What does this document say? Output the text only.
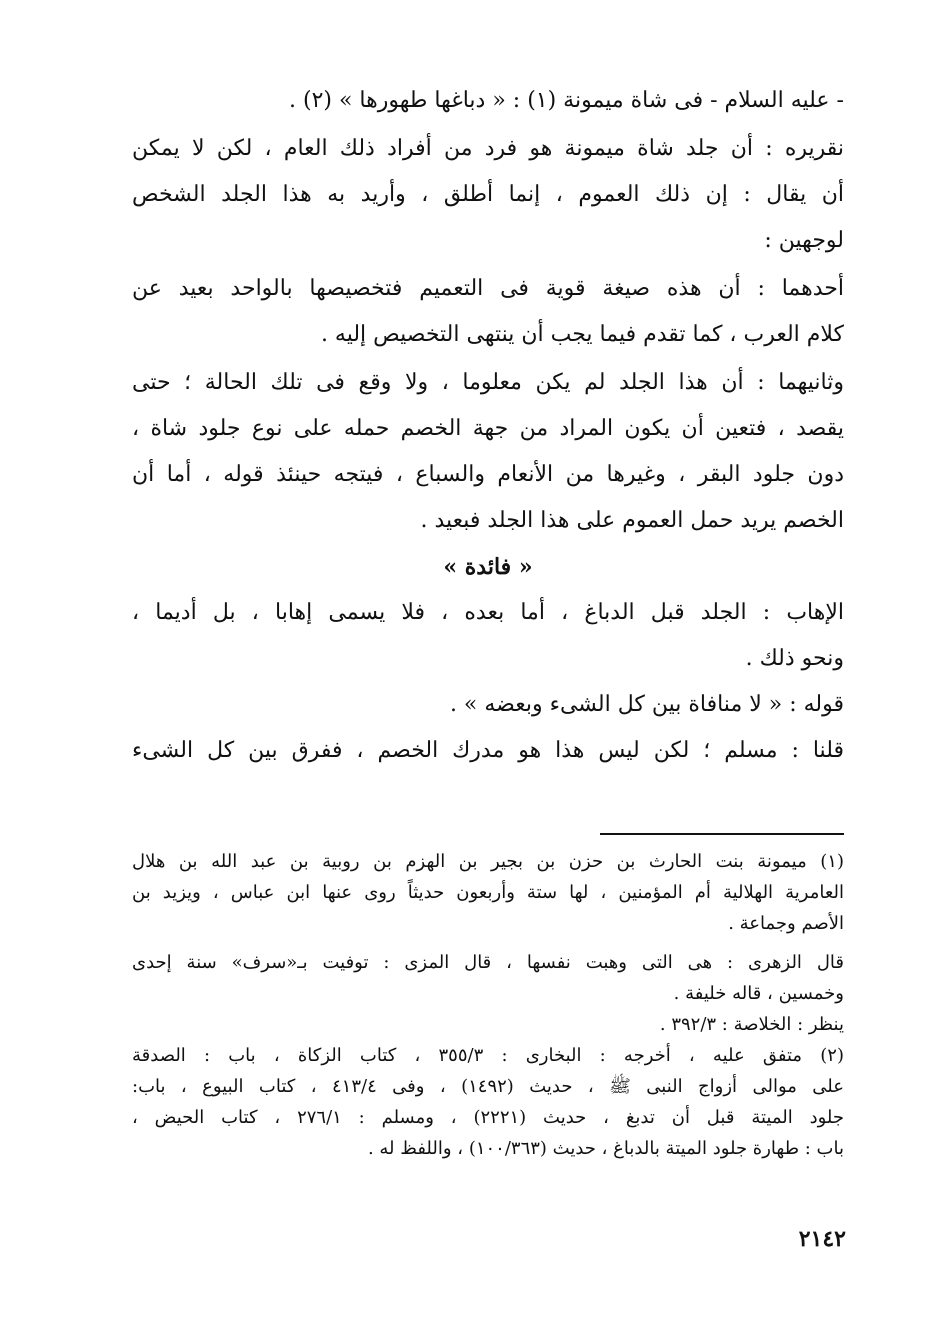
- عليه السلام - فى شاة ميمونة (١) : « دباغها طهورها » (٢) .

نقريره : أن جلد شاة ميمونة هو فرد من أفراد ذلك العام ، لكن لا يمكن

أن يقال : إن ذلك العموم ، إنما أطلق ، وأريد به هذا الجلد الشخص

لوجهين :

أحدهما : أن هذه صيغة قوية فى التعميم فتخصيصها بالواحد بعيد عن

كلام العرب ، كما تقدم فيما يجب أن ينتهى التخصيص إليه .

وثانيهما : أن هذا الجلد لم يكن معلوما ، ولا وقع فى تلك الحالة ؛ حتى

يقصد ، فتعين أن يكون المراد من جهة الخصم حمله على نوع جلود شاة ،

دون جلود البقر ، وغيرها من الأنعام والسباع ، فيتجه حينئذ قوله ، أما أن

الخصم يريد حمل العموم على هذا الجلد فبعيد .

« فائدة »

الإهاب : الجلد قبل الدباغ ، أما بعده ، فلا يسمى إهابا ، بل أديما ،

ونحو ذلك .

قوله : « لا منافاة بين كل الشىء وبعضه » .

قلنا : مسلم ؛ لكن ليس هذا هو مدرك الخصم ، ففرق بين كل الشىء

(١) ميمونة بنت الحارث بن حزن بن بجير بن الهزم بن روبية بن عبد الله بن هلال

العامرية الهلالية أم المؤمنين ، لها ستة وأربعون حديثاً روى عنها ابن عباس ، ويزيد بن

الأصم وجماعة .

قال الزهرى : هى التى وهبت نفسها ، قال المزى : توفيت بـ«سرف» سنة إحدى

وخمسين ، قاله خليفة .

ينظر : الخلاصة : ٣٩٢/٣ .

(٢) متفق عليه ، أخرجه : البخارى : ٣٥٥/٣ ، كتاب الزكاة ، باب : الصدقة

على موالى أزواج النبى ﷺ ، حديث (١٤٩٢) ، وفى ٤١٣/٤ ، كتاب البيوع ، باب:

جلود الميتة قبل أن تدبغ ، حديث (٢٢٢١) ، ومسلم : ٢٧٦/١ ، كتاب الحيض ،

باب : طهارة جلود الميتة بالدباغ ، حديث (١٠٠/٣٦٣) ، واللفظ له .

٢١٤٢
